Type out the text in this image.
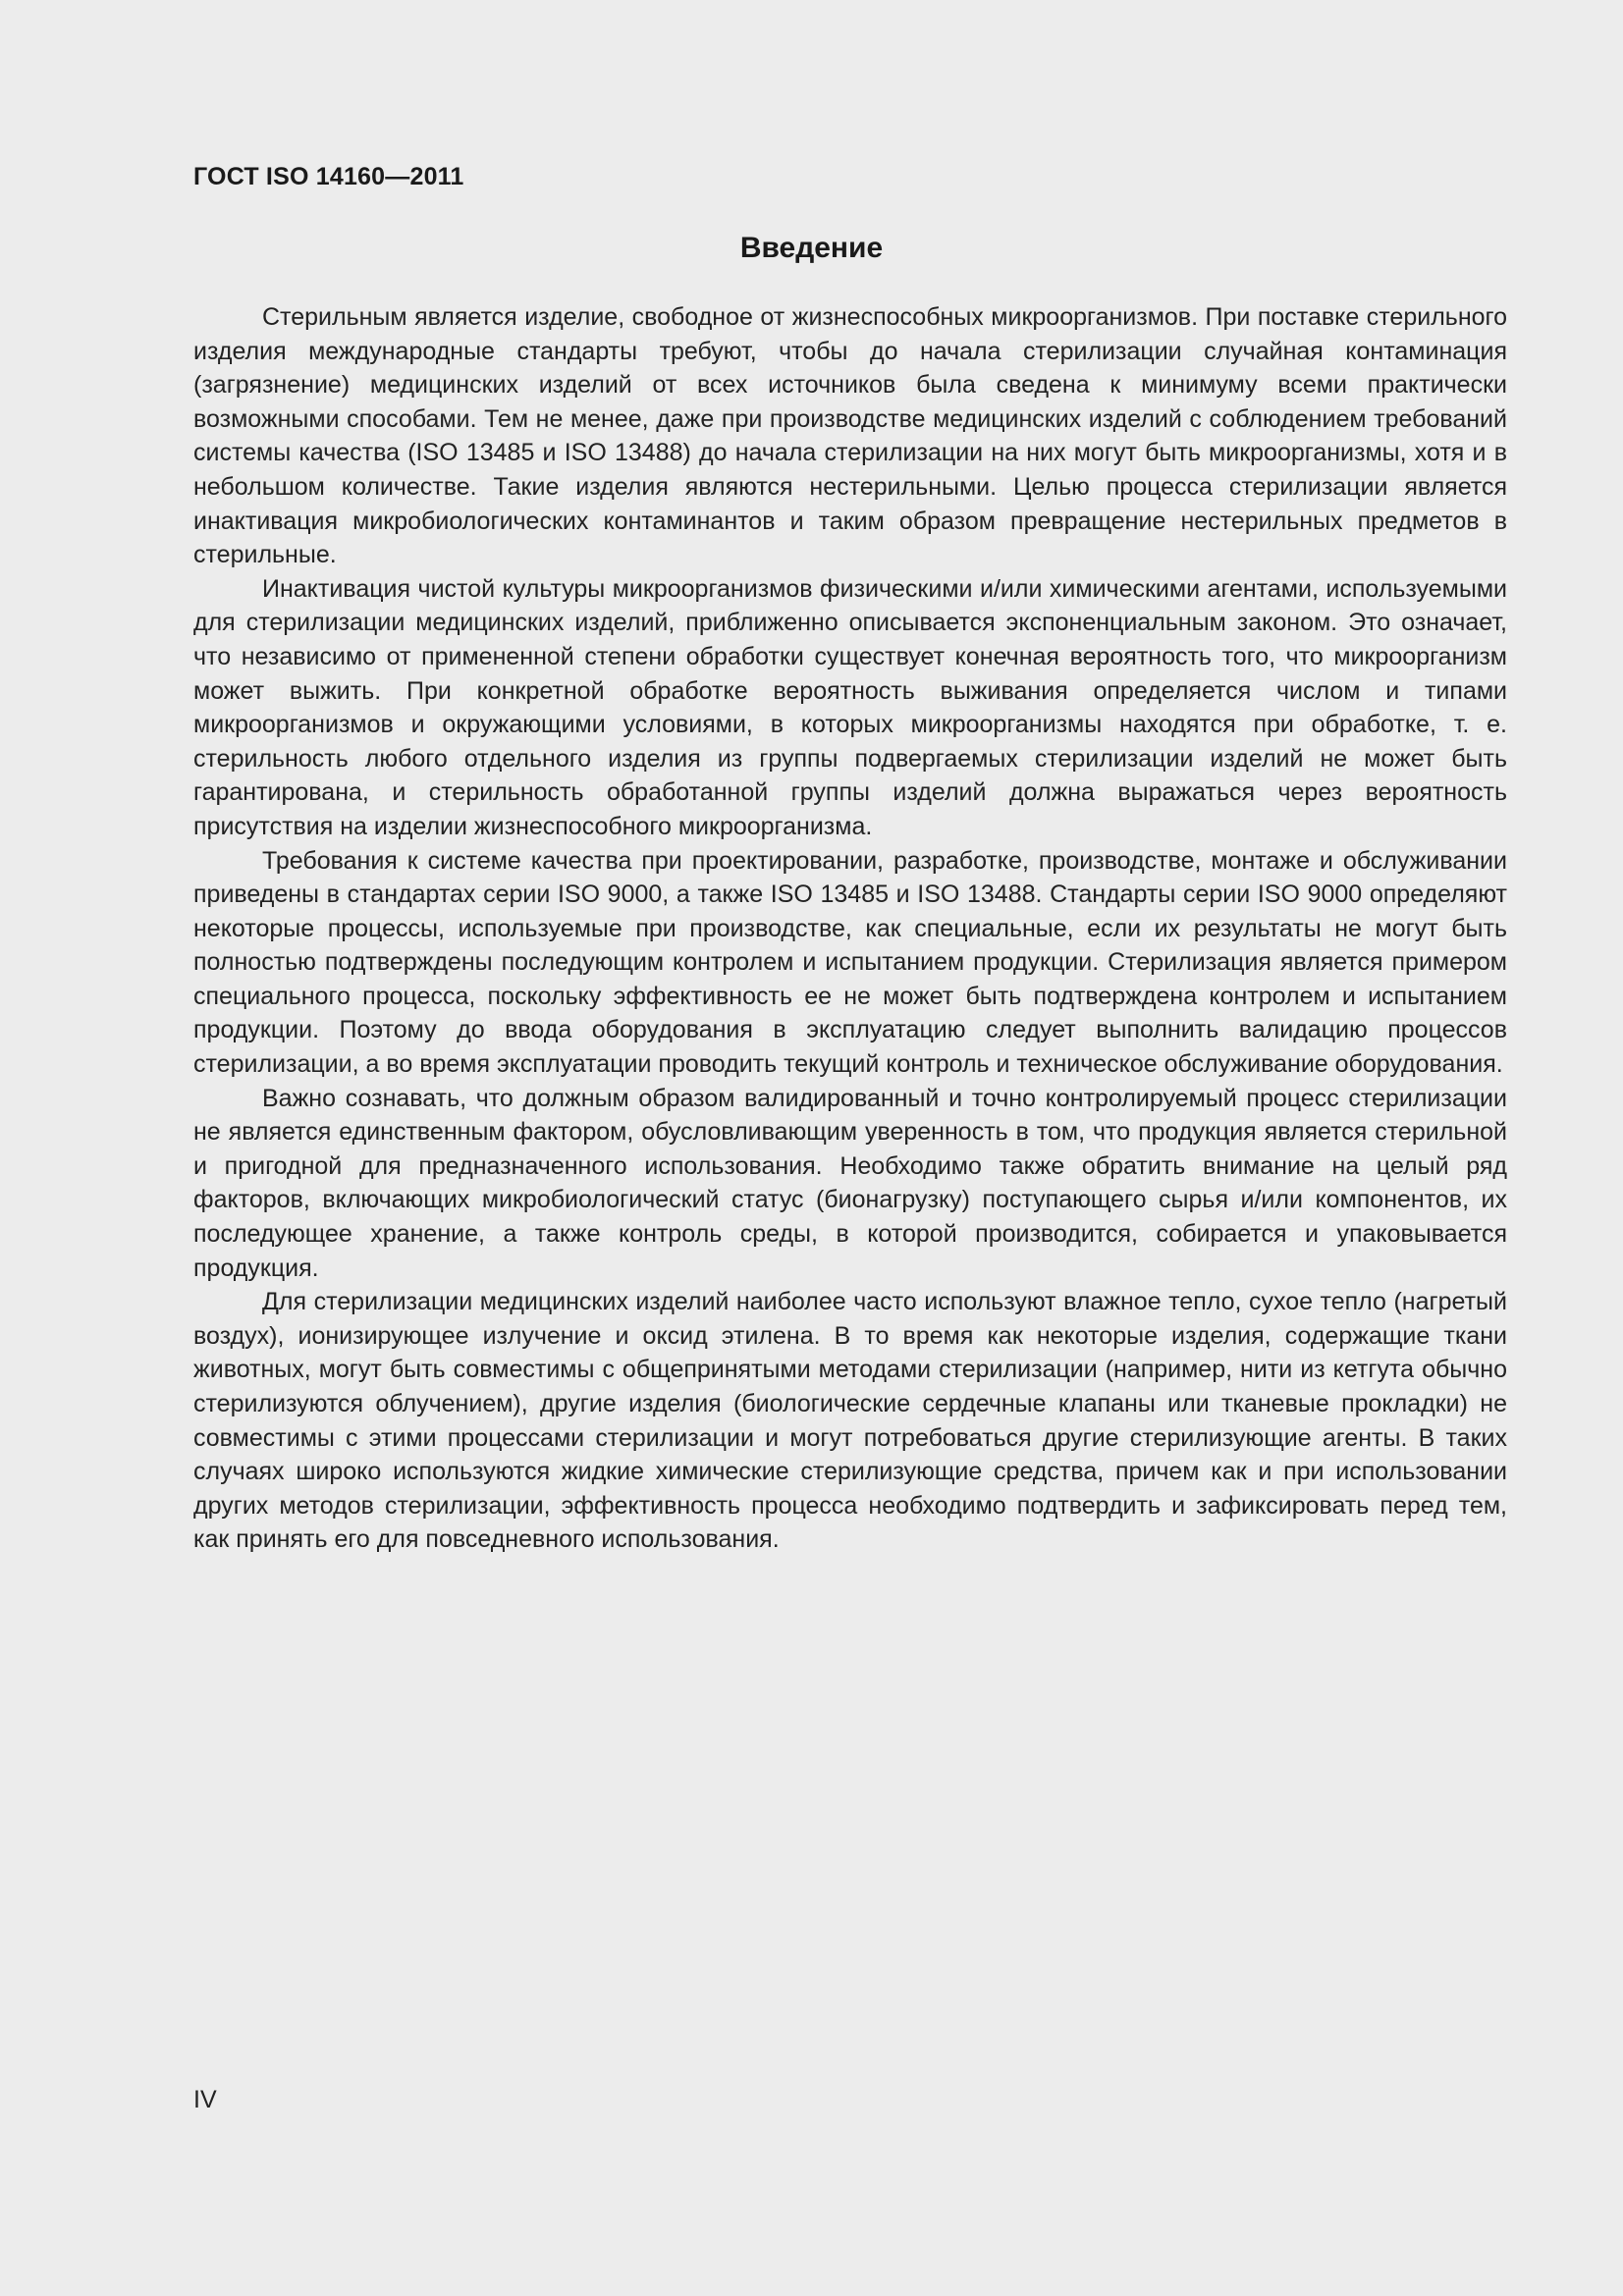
ГОСТ ISO 14160—2011
Введение

Стерильным является изделие, свободное от жизнеспособных микроорганизмов. При поставке стерильного изделия международные стандарты требуют, чтобы до начала стерилизации случайная контаминация (загрязнение) медицинских изделий от всех источников была сведена к минимуму всеми практически возможными способами. Тем не менее, даже при производстве медицинских изделий с соблюдением требований системы качества (ISO 13485 и ISO 13488) до начала стерилизации на них могут быть микроорганизмы, хотя и в небольшом количестве. Такие изделия являются нестерильными. Целью процесса стерилизации является инактивация микробиологических контаминантов и таким образом превращение нестерильных предметов в стерильные.

Инактивация чистой культуры микроорганизмов физическими и/или химическими агентами, используемыми для стерилизации медицинских изделий, приближенно описывается экспоненциальным законом. Это означает, что независимо от примененной степени обработки существует конечная вероятность того, что микроорганизм может выжить. При конкретной обработке вероятность выживания определяется числом и типами микроорганизмов и окружающими условиями, в которых микроорганизмы находятся при обработке, т. е. стерильность любого отдельного изделия из группы подвергаемых стерилизации изделий не может быть гарантирована, и стерильность обработанной группы изделий должна выражаться через вероятность присутствия на изделии жизнеспособного микроорганизма.

Требования к системе качества при проектировании, разработке, производстве, монтаже и обслуживании приведены в стандартах серии ISO 9000, а также ISO 13485 и ISO 13488. Стандарты серии ISO 9000 определяют некоторые процессы, используемые при производстве, как специальные, если их результаты не могут быть полностью подтверждены последующим контролем и испытанием продукции. Стерилизация является примером специального процесса, поскольку эффективность ее не может быть подтверждена контролем и испытанием продукции. Поэтому до ввода оборудования в эксплуатацию следует выполнить валидацию процессов стерилизации, а во время эксплуатации проводить текущий контроль и техническое обслуживание оборудования.

Важно сознавать, что должным образом валидированный и точно контролируемый процесс стерилизации не является единственным фактором, обусловливающим уверенность в том, что продукция является стерильной и пригодной для предназначенного использования. Необходимо также обратить внимание на целый ряд факторов, включающих микробиологический статус (бионагрузку) поступающего сырья и/или компонентов, их последующее хранение, а также контроль среды, в которой производится, собирается и упаковывается продукция.

Для стерилизации медицинских изделий наиболее часто используют влажное тепло, сухое тепло (нагретый воздух), ионизирующее излучение и оксид этилена. В то время как некоторые изделия, содержащие ткани животных, могут быть совместимы с общепринятыми методами стерилизации (например, нити из кетгута обычно стерилизуются облучением), другие изделия (биологические сердечные клапаны или тканевые прокладки) не совместимы с этими процессами стерилизации и могут потребоваться другие стерилизующие агенты. В таких случаях широко используются жидкие химические стерилизующие средства, причем как и при использовании других методов стерилизации, эффективность процесса необходимо подтвердить и зафиксировать перед тем, как принять его для повседневного использования.

IV
